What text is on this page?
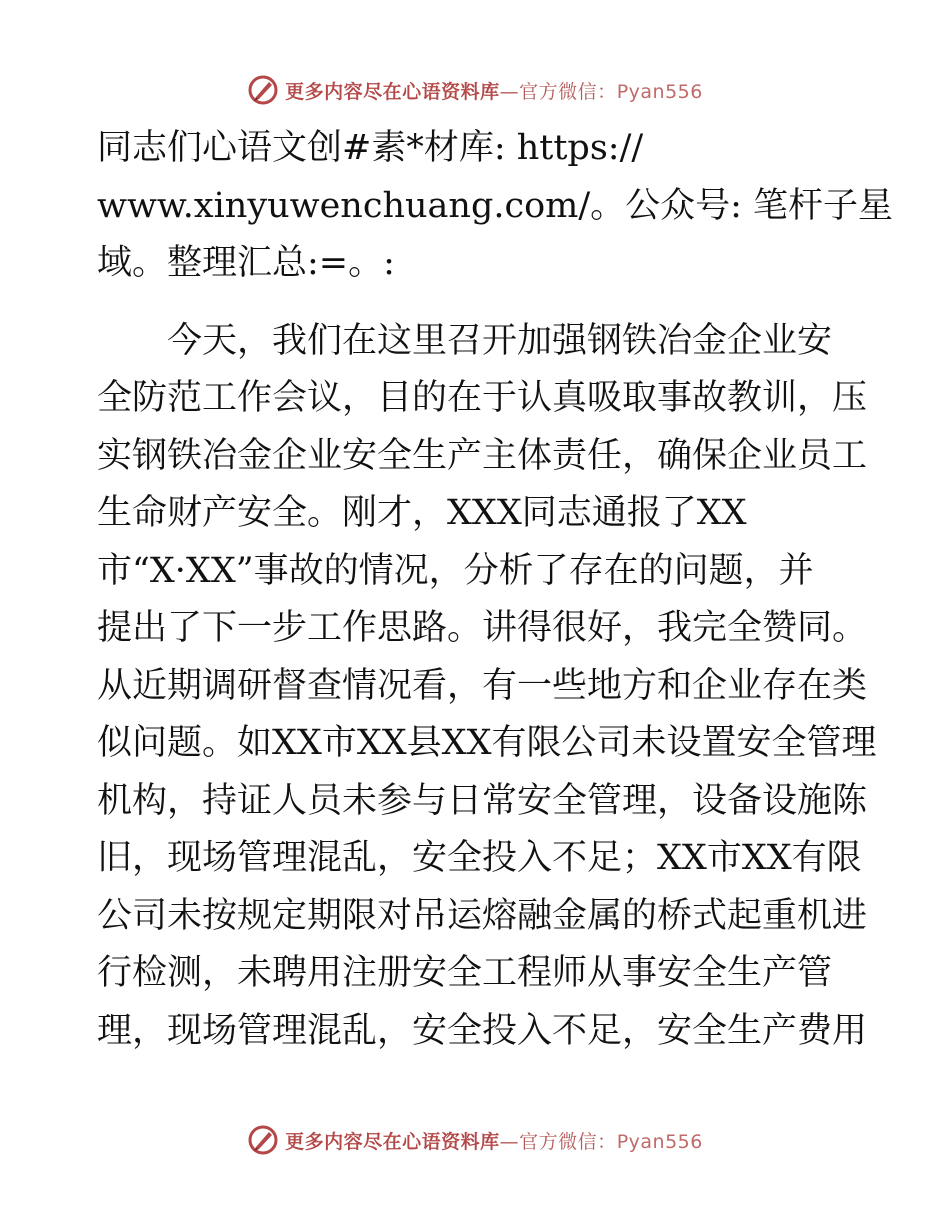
更多内容尽在心语资料库—官方微信：Pyan556
同志们心语文创#素*材库: https://
www.xinyuwenchuang.com/。公众号: 笔杆子星
域。整理汇总:=。:
　　今天，我们在这里召开加强钢铁冶金企业安
全防范工作会议，目的在于认真吸取事故教训，压
实钢铁冶金企业安全生产主体责任，确保企业员工
生命财产安全。刚才，XXX同志通报了XX
市“X·XX”事故的情况，分析了存在的问题，并
提出了下一步工作思路。讲得很好，我完全赞同。
从近期调研督查情况看，有一些地方和企业存在类
似问题。如XX市XX县XX有限公司未设置安全管理
机构，持证人员未参与日常安全管理，设备设施陈
旧，现场管理混乱，安全投入不足；XX市XX有限
公司未按规定期限对吊运熔融金属的桥式起重机进
行检测，未聘用注册安全工程师从事安全生产管
理，现场管理混乱，安全投入不足，安全生产费用
更多内容尽在心语资料库—官方微信：Pyan556
